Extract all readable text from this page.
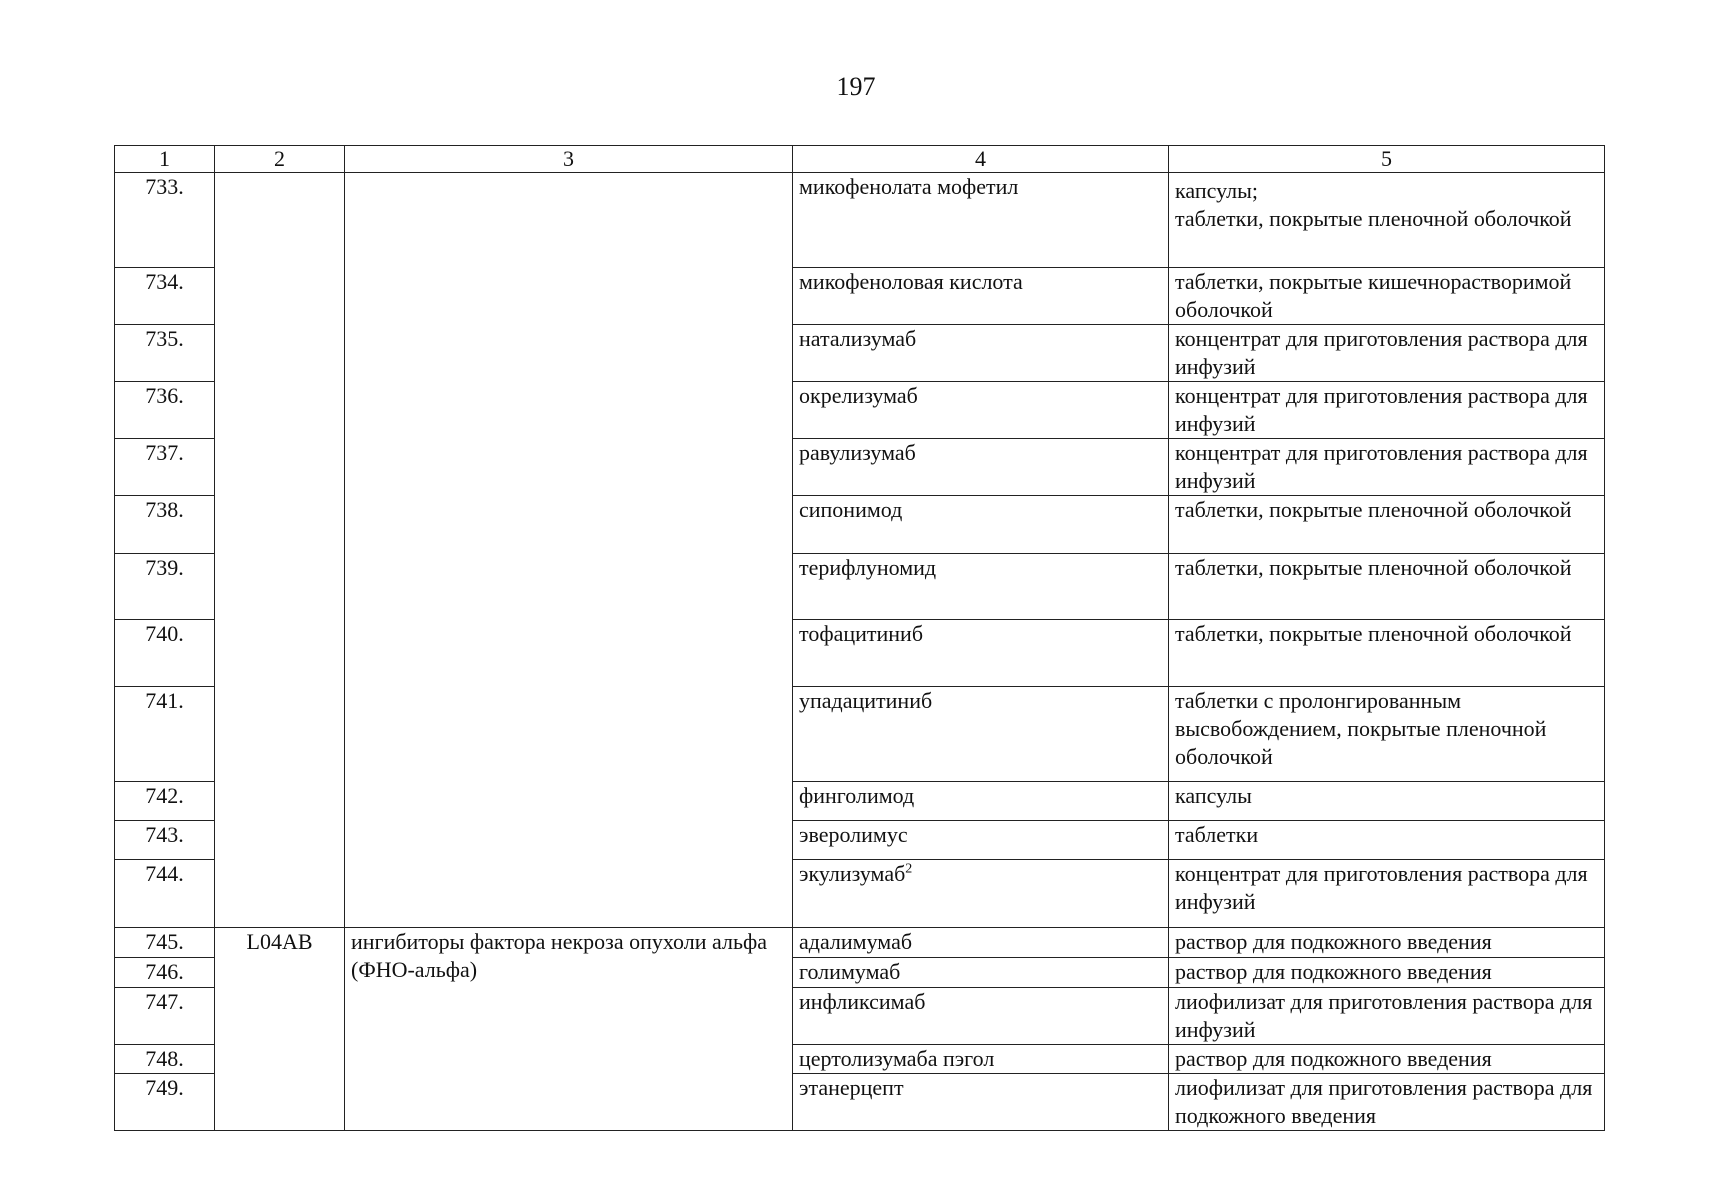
197
1	2	3	4	5
733.			микофенолата мофетил	капсулы;
таблетки, покрытые пленочной оболочкой
734.			микофеноловая кислота	таблетки, покрытые кишечнорастворимой оболочкой
735.			натализумаб	концентрат для приготовления раствора для инфузий
736.			окрелизумаб	концентрат для приготовления раствора для инфузий
737.			равулизумаб	концентрат для приготовления раствора для инфузий
738.			сипонимод	таблетки, покрытые пленочной оболочкой
739.			терифлуномид	таблетки, покрытые пленочной оболочкой
740.			тофацитиниб	таблетки, покрытые пленочной оболочкой
741.			упадацитиниб	таблетки с пролонгированным высвобождением, покрытые пленочной оболочкой
742.			финголимод	капсулы
743.			эверолимус	таблетки
744.			экулизумаб$^2$	концентрат для приготовления раствора для инфузий
745.	L04AB	ингибиторы фактора некроза опухоли альфа (ФНО-альфа)	адалимумаб	раствор для подкожного введения
746.			голимумаб	раствор для подкожного введения
747.			инфликсимаб	лиофилизат для приготовления раствора для инфузий
748.			цертолизумаба пэгол	раствор для подкожного введения
749.			этанерцепт	лиофилизат для приготовления раствора для подкожного введения
